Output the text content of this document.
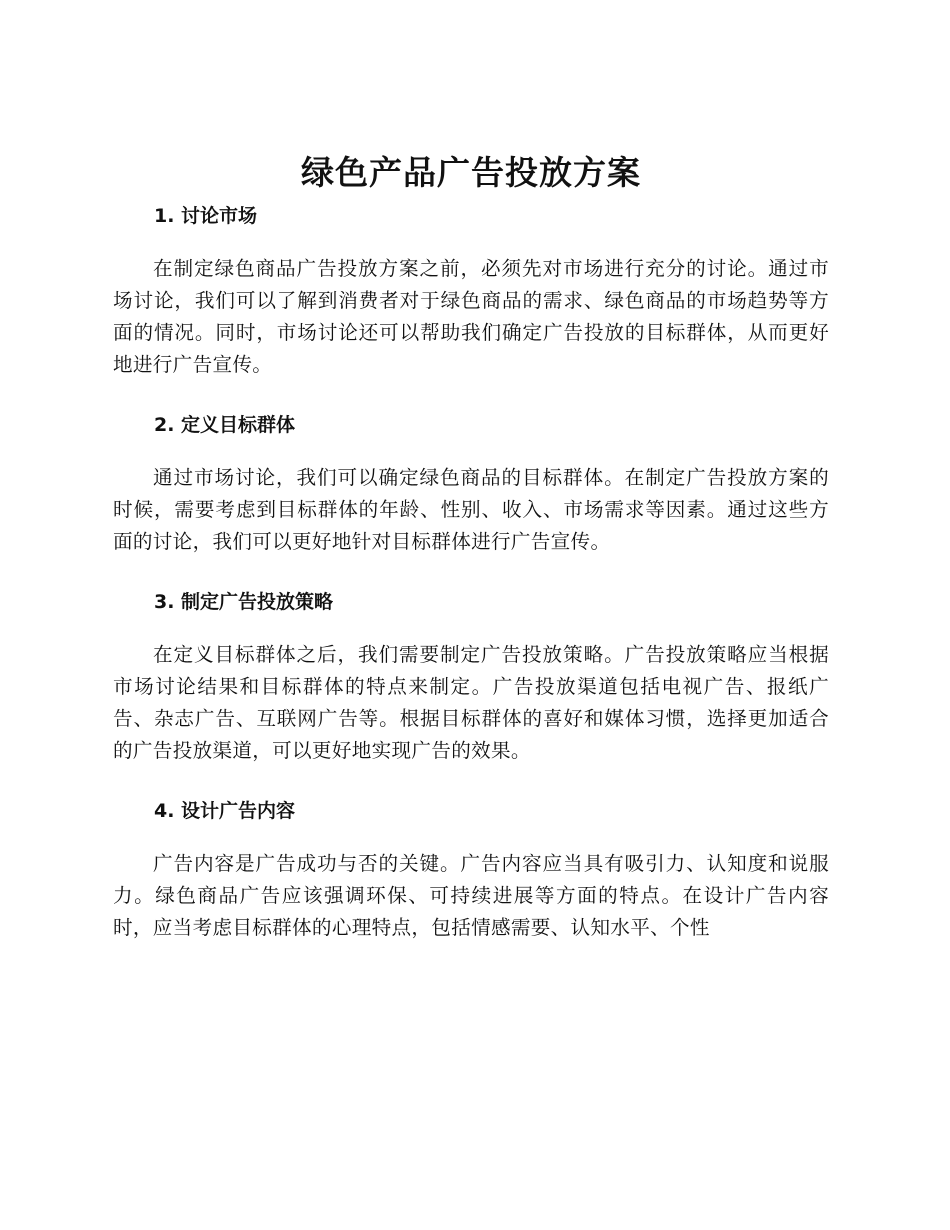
绿色产品广告投放方案
1. 讨论市场

在制定绿色商品广告投放方案之前，必须先对市场进行充分的讨论。通过市场讨论，我们可以了解到消费者对于绿色商品的需求、绿色商品的市场趋势等方面的情况。同时，市场讨论还可以帮助我们确定广告投放的目标群体，从而更好地进行广告宣传。

2. 定义目标群体

通过市场讨论，我们可以确定绿色商品的目标群体。在制定广告投放方案的时候，需要考虑到目标群体的年龄、性别、收入、市场需求等因素。通过这些方面的讨论，我们可以更好地针对目标群体进行广告宣传。

3. 制定广告投放策略

在定义目标群体之后，我们需要制定广告投放策略。广告投放策略应当根据市场讨论结果和目标群体的特点来制定。广告投放渠道包括电视广告、报纸广告、杂志广告、互联网广告等。根据目标群体的喜好和媒体习惯，选择更加适合的广告投放渠道，可以更好地实现广告的效果。

4. 设计广告内容

广告内容是广告成功与否的关键。广告内容应当具有吸引力、认知度和说服力。绿色商品广告应该强调环保、可持续进展等方面的特点。在设计广告内容时，应当考虑目标群体的心理特点，包括情感需要、认知水平、个性
